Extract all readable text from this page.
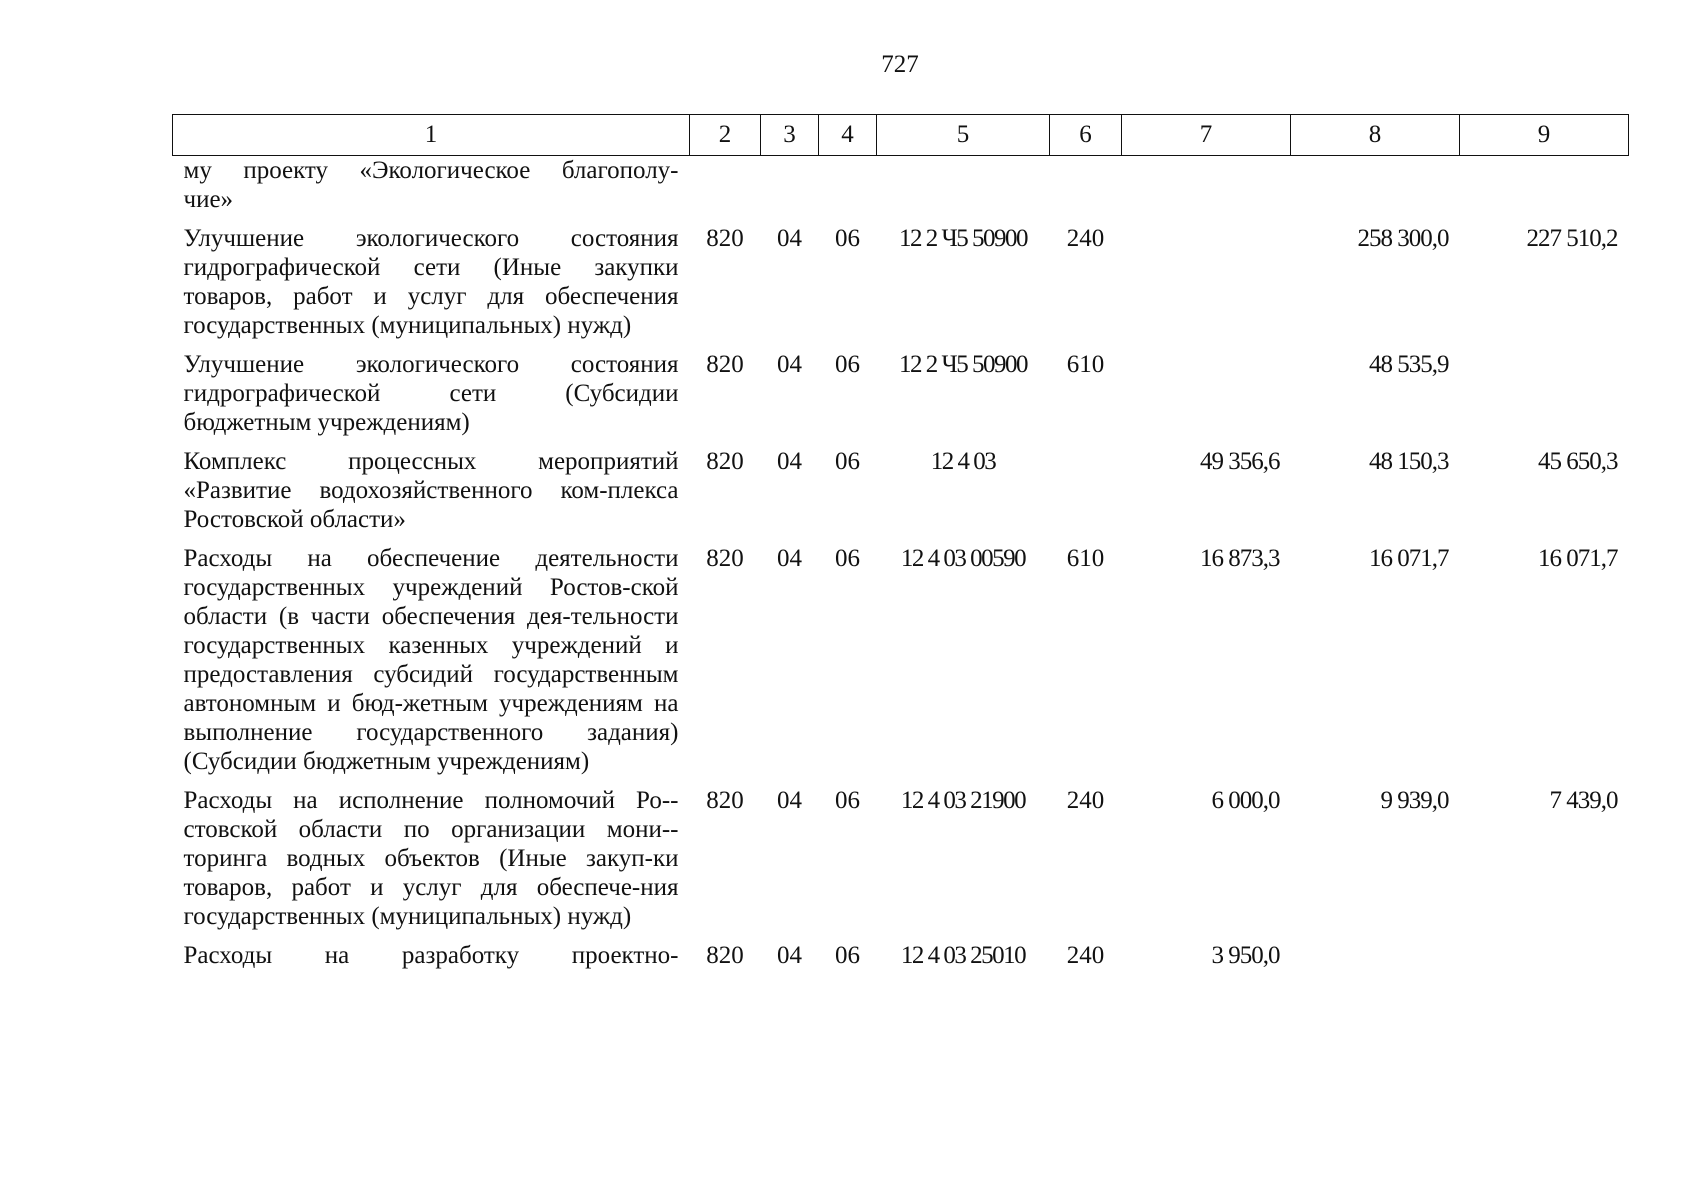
727
1	2	3	4	5	6	7	8	9

му проекту «Экологическое благополу-
чие»								

Улучшение экологического состояния гидрографической сети (Иные закупки товаров, работ и услуг для обеспечения государственных (муниципальных) нужд)	820	04	06	12 2 Ч5 50900	240		258 300,0	227 510,2
Улучшение экологического состояния гидрографической сети (Субсидии бюджетным учреждениям)	820	04	06	12 2 Ч5 50900	610		48 535,9	
Комплекс процессных мероприятий «Развитие водохозяйственного ком-плекса Ростовской области»	820	04	06	12 4 03		49 356,6	48 150,3	45 650,3
Расходы на обеспечение деятельности государственных учреждений Ростов-ской области (в части обеспечения дея-тельности государственных казенных учреждений и предоставления субсидий государственным автономным и бюд-жетным учреждениям на выполнение государственного задания) (Субсидии бюджетным учреждениям)	820	04	06	12 4 03 00590	610	16 873,3	16 071,7	16 071,7
Расходы на исполнение полномочий Ро-стовской области по организации мони-торинга водных объектов (Иные закуп-ки товаров, работ и услуг для обеспече-ния государственных (муниципальных) нужд)	820	04	06	12 4 03 21900	240	6 000,0	9 939,0	7 439,0

Расходы на разработку проектно-	820	04	06	12 4 03 25010	240	3 950,0		
